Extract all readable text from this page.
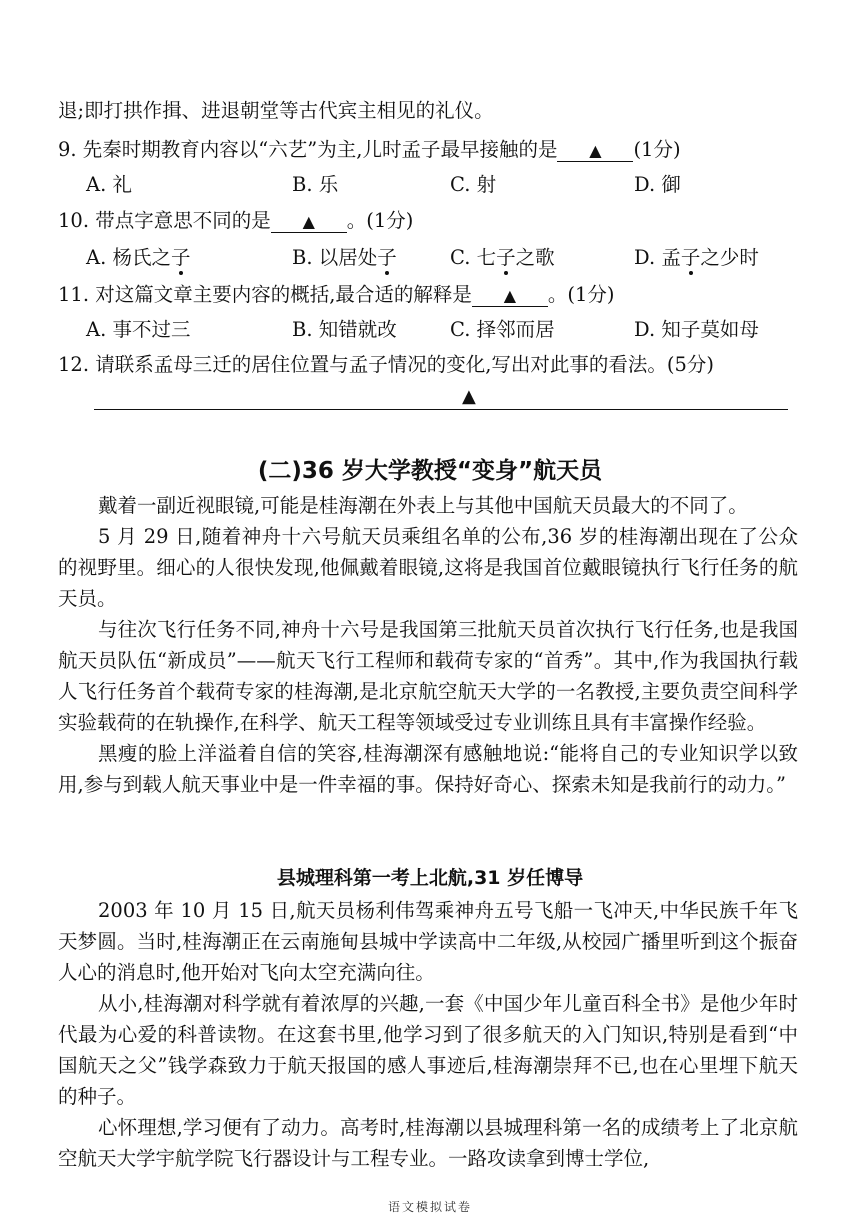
退;即打拱作揖、进退朝堂等古代宾主相见的礼仪。
9. 先秦时期教育内容以“六艺”为主,儿时孟子最早接触的是 ▲ (1分)
A. 礼	B. 乐	C. 射	D. 御
10. 带点字意思不同的是 ▲ 。(1分)
A. 杨氏之子	B. 以居处子	C. 七子之歌	D. 孟子之少时
11. 对这篇文章主要内容的概括,最合适的解释是 ▲ 。(1分)
A. 事不过三	B. 知错就改	C. 择邻而居	D. 知子莫如母
12. 请联系孟母三迁的居住位置与孟子情况的变化,写出对此事的看法。(5分)
▲
(二)36 岁大学教授“变身”航天员
戴着一副近视眼镜,可能是桂海潮在外表上与其他中国航天员最大的不同了。
5 月 29 日,随着神舟十六号航天员乘组名单的公布,36 岁的桂海潮出现在了公众的视野里。细心的人很快发现,他佩戴着眼镜,这将是我国首位戴眼镜执行飞行任务的航天员。
与往次飞行任务不同,神舟十六号是我国第三批航天员首次执行飞行任务,也是我国航天员队伍“新成员”——航天飞行工程师和载荷专家的“首秀”。其中,作为我国执行载人飞行任务首个载荷专家的桂海潮,是北京航空航天大学的一名教授,主要负责空间科学实验载荷的在轨操作,在科学、航天工程等领域受过专业训练且具有丰富操作经验。
黑瘦的脸上洋溢着自信的笑容,桂海潮深有感触地说:“能将自己的专业知识学以致用,参与到载人航天事业中是一件幸福的事。保持好奇心、探索未知是我前行的动力。”
县城理科第一考上北航,31 岁任博导
2003 年 10 月 15 日,航天员杨利伟驾乘神舟五号飞船一飞冲天,中华民族千年飞天梦圆。当时,桂海潮正在云南施甸县城中学读高中二年级,从校园广播里听到这个振奋人心的消息时,他开始对飞向太空充满向往。
从小,桂海潮对科学就有着浓厚的兴趣,一套《中国少年儿童百科全书》是他少年时代最为心爱的科普读物。在这套书里,他学习到了很多航天的入门知识,特别是看到“中国航天之父”钱学森致力于航天报国的感人事迹后,桂海潮崇拜不已,也在心里埋下航天的种子。
心怀理想,学习便有了动力。高考时,桂海潮以县城理科第一名的成绩考上了北京航空航天大学宇航学院飞行器设计与工程专业。一路攻读拿到博士学位,
语文模拟试卷
